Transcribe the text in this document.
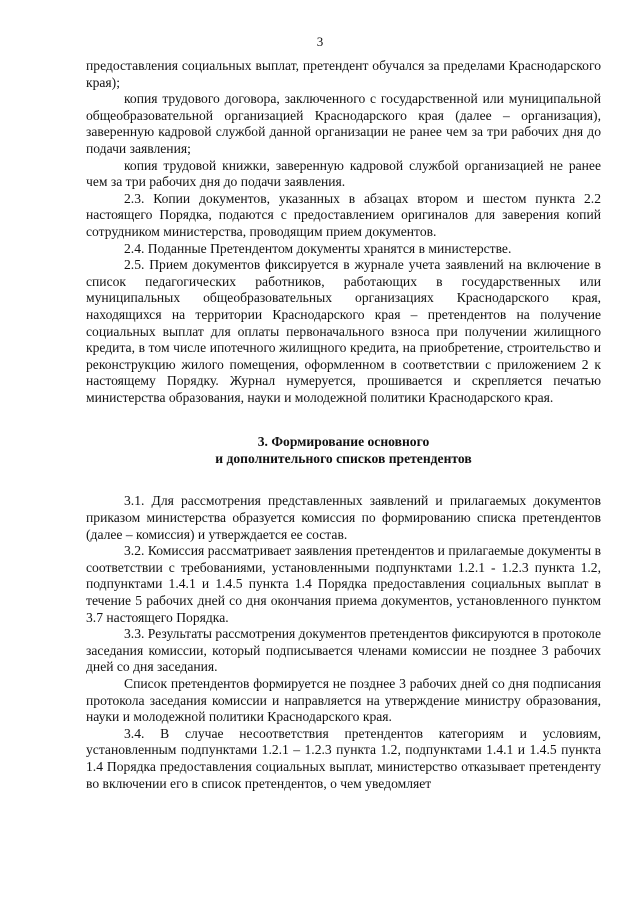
3

предоставления социальных выплат, претендент обучался за пределами Краснодарского края);

копия трудового договора, заключенного с государственной или муниципальной общеобразовательной организацией Краснодарского края (далее – организация), заверенную кадровой службой данной организации не ранее чем за три рабочих дня до подачи заявления;

копия трудовой книжки, заверенную кадровой службой организацией не ранее чем за три рабочих дня до подачи заявления.

2.3. Копии документов, указанных в абзацах втором и шестом пункта 2.2 настоящего Порядка, подаются с предоставлением оригиналов для заверения копий сотрудником министерства, проводящим прием документов.

2.4. Поданные Претендентом документы хранятся в министерстве.

2.5. Прием документов фиксируется в журнале учета заявлений на включение в список педагогических работников, работающих в государственных или муниципальных общеобразовательных организациях Краснодарского края, находящихся на территории Краснодарского края – претендентов на получение социальных выплат для оплаты первоначального взноса при получении жилищного кредита, в том числе ипотечного жилищного кредита, на приобретение, строительство и реконструкцию жилого помещения, оформленном в соответствии с приложением 2 к настоящему Порядку. Журнал нумеруется, прошивается и скрепляется печатью министерства образования, науки и молодежной политики Краснодарского края.

3. Формирование основного
и дополнительного списков претендентов

3.1. Для рассмотрения представленных заявлений и прилагаемых документов приказом министерства образуется комиссия по формированию списка претендентов (далее – комиссия) и утверждается ее состав.

3.2. Комиссия рассматривает заявления претендентов и прилагаемые документы в соответствии с требованиями, установленными подпунктами 1.2.1 - 1.2.3 пункта 1.2, подпунктами 1.4.1 и 1.4.5 пункта 1.4 Порядка предоставления социальных выплат в течение 5 рабочих дней со дня окончания приема документов, установленного пунктом 3.7 настоящего Порядка.

3.3. Результаты рассмотрения документов претендентов фиксируются в протоколе заседания комиссии, который подписывается членами комиссии не позднее 3 рабочих дней со дня заседания.

Список претендентов формируется не позднее 3 рабочих дней со дня подписания протокола заседания комиссии и направляется на утверждение министру образования, науки и молодежной политики Краснодарского края.

3.4. В случае несоответствия претендентов категориям и условиям, установленным подпунктами 1.2.1 – 1.2.3 пункта 1.2, подпунктами 1.4.1 и 1.4.5 пункта 1.4 Порядка предоставления социальных выплат, министерство отказывает претенденту во включении его в список претендентов, о чем уведомляет
